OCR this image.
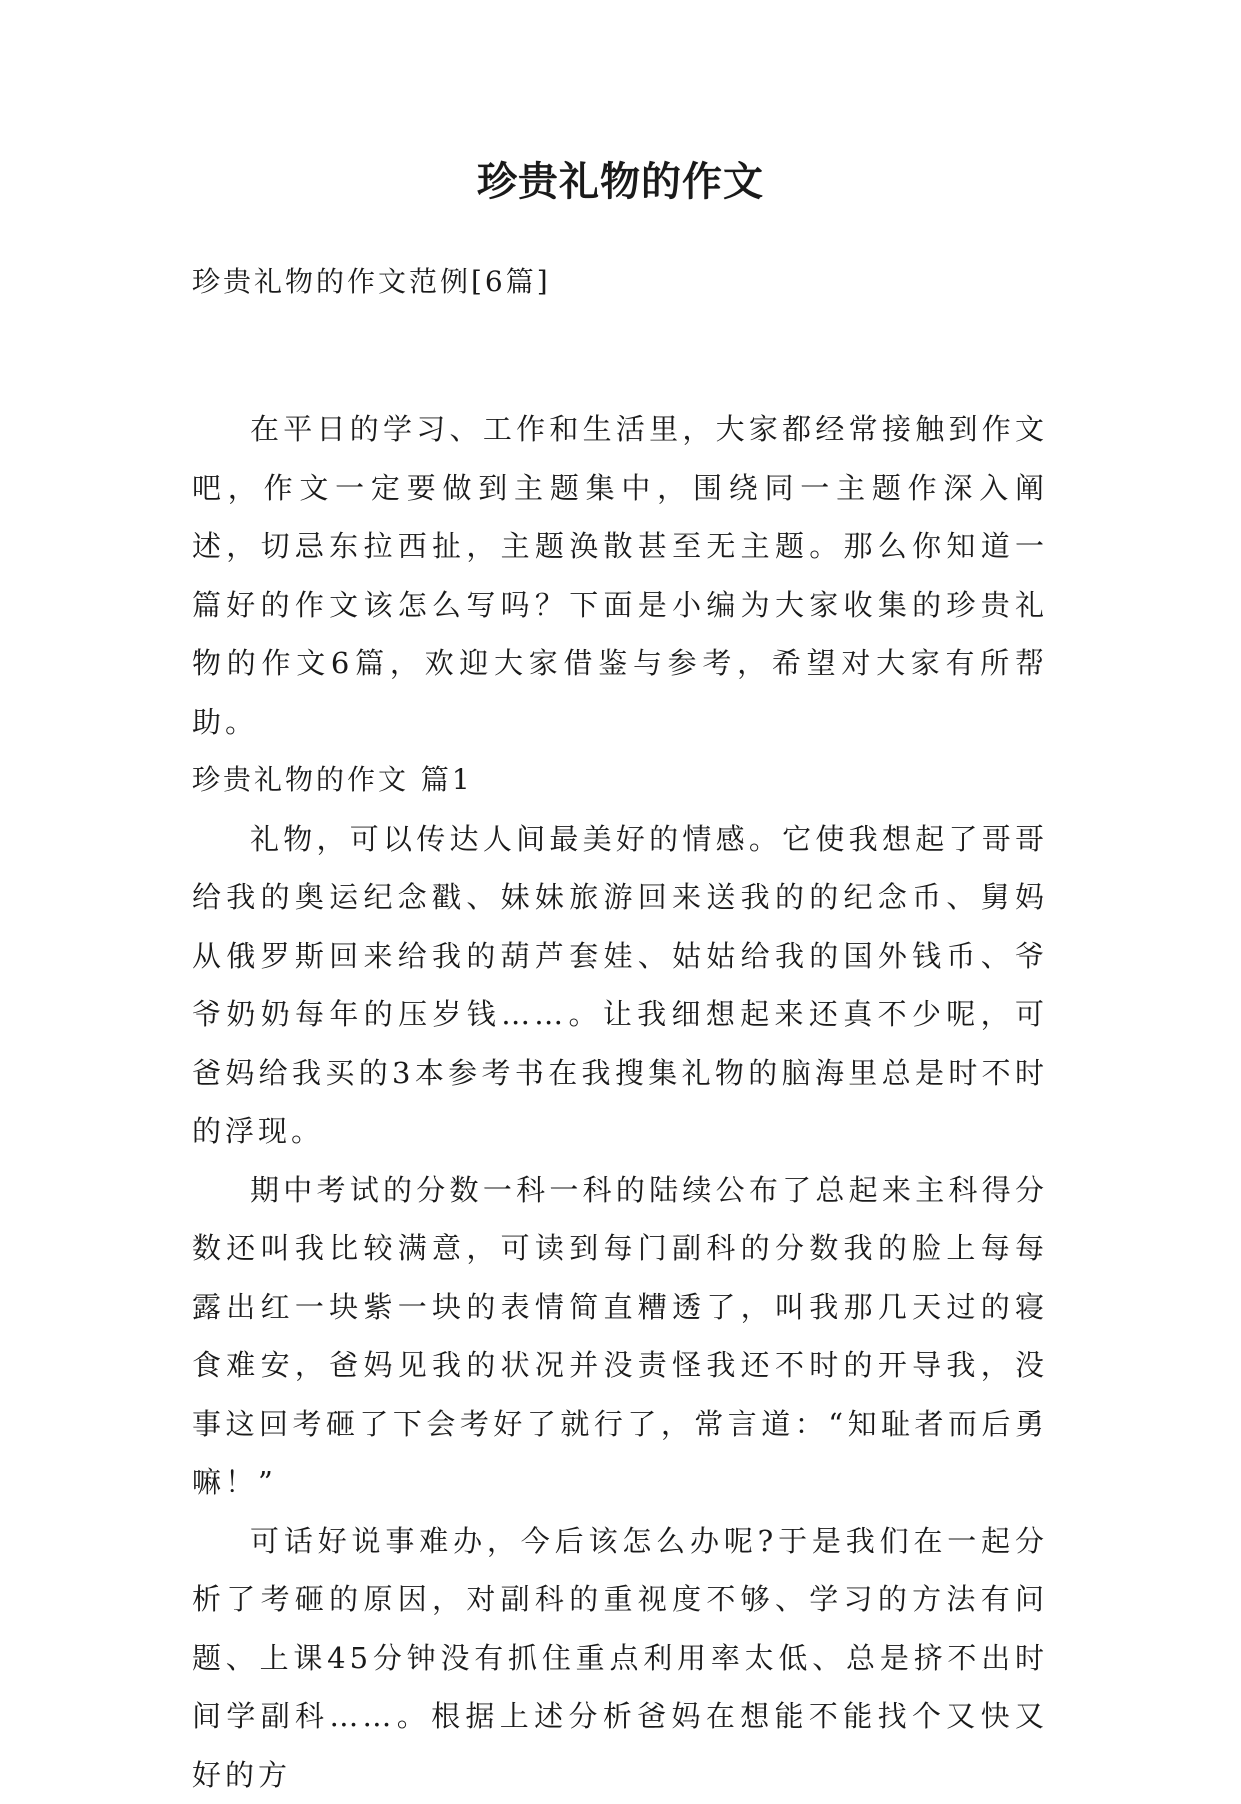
珍贵礼物的作文

珍贵礼物的作文范例[6篇]

在平日的学习、工作和生活里，大家都经常接触到作文吧，作文一定要做到主题集中，围绕同一主题作深入阐述，切忌东拉西扯，主题涣散甚至无主题。那么你知道一篇好的作文该怎么写吗？下面是小编为大家收集的珍贵礼物的作文6篇，欢迎大家借鉴与参考，希望对大家有所帮助。

珍贵礼物的作文 篇1

礼物，可以传达人间最美好的情感。它使我想起了哥哥给我的奥运纪念戳、妹妹旅游回来送我的的纪念币、舅妈从俄罗斯回来给我的葫芦套娃、姑姑给我的国外钱币、爷爷奶奶每年的压岁钱……。让我细想起来还真不少呢，可爸妈给我买的3本参考书在我搜集礼物的脑海里总是时不时的浮现。

期中考试的分数一科一科的陆续公布了总起来主科得分数还叫我比较满意，可读到每门副科的分数我的脸上每每露出红一块紫一块的表情简直糟透了，叫我那几天过的寝食难安，爸妈见我的状况并没责怪我还不时的开导我，没事这回考砸了下会考好了就行了，常言道：“知耻者而后勇嘛！”

可话好说事难办，今后该怎么办呢?于是我们在一起分析了考砸的原因，对副科的重视度不够、学习的方法有问题、上课45分钟没有抓住重点利用率太低、总是挤不出时间学副科……。根据上述分析爸妈在想能不能找个又快又好的方
